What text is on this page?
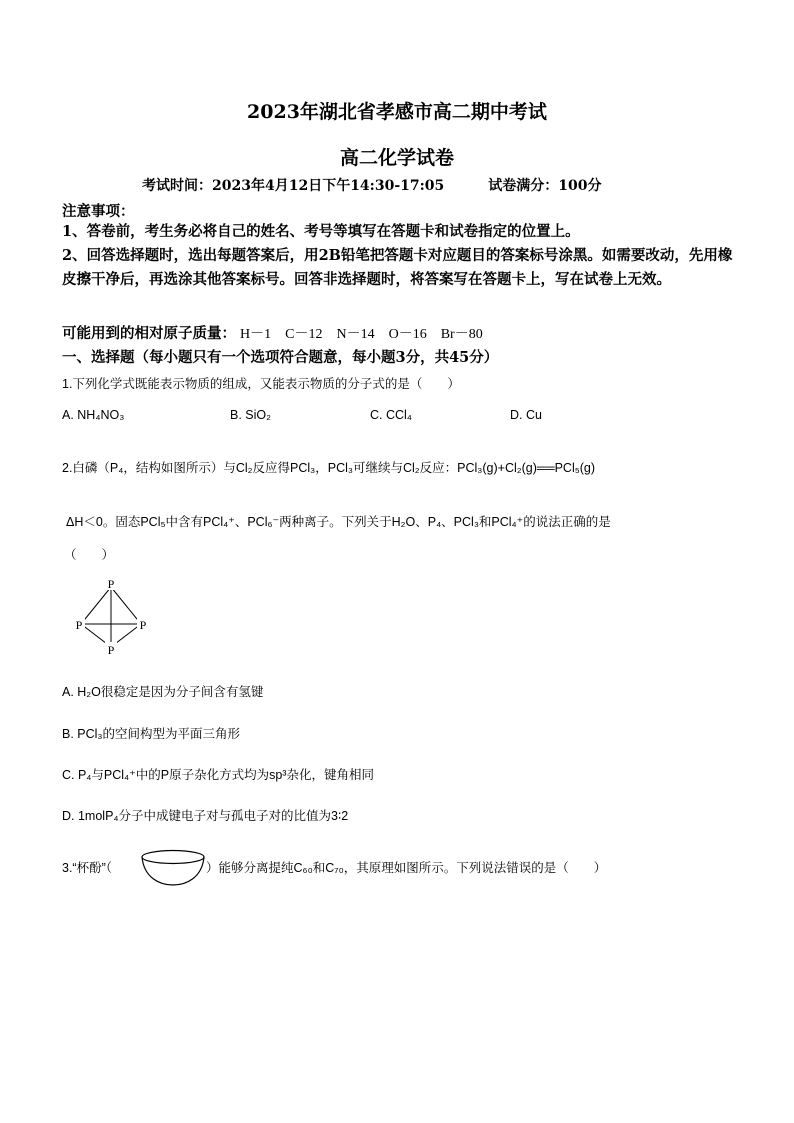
2023年湖北省孝感市高二期中考试
高二化学试卷
考试时间：2023年4月12日下午14:30-17:05	试卷满分：100分
注意事项：
1、答卷前，考生务必将自己的姓名、考号等填写在答题卡和试卷指定的位置上。
2、回答选择题时，选出每题答案后，用2B铅笔把答题卡对应题目的答案标号涂黑。如需要改动，先用橡皮擦干净后，再选涂其他答案标号。回答非选择题时，将答案写在答题卡上，写在试卷上无效。
可能用到的相对原子质量： H－1 C－12 N－14 O－16 Br－80
一、选择题（每小题只有一个选项符合题意，每小题3分，共45分）
1.下列化学式既能表示物质的组成，又能表示物质的分子式的是（　　）
A. NH₄NO₃	B. SiO₂	C. CCl₄	D. Cu
2.白磷（P₄，结构如图所示）与Cl₂反应得PCl₃，PCl₃可继续与Cl₂反应：PCl₃(g)+Cl₂(g)══PCl₅(g)
ΔH＜0。固态PCl₅中含有PCl₄⁺、PCl₆⁻两种离子。下列关于H₂O、P₄、PCl₃和PCl₄⁺的说法正确的是
（　　）
P
P	P
P
A. H₂O很稳定是因为分子间含有氢键
B. PCl₃的空间构型为平面三角形
C. P₄与PCl₄⁺中的P原子杂化方式均为sp³杂化，键角相同
D. 1molP₄分子中成键电子对与孤电子对的比值为3∶2
3.“杯酚”（	）能够分离提纯C₆₀和C₇₀，其原理如图所示。下列说法错误的是（　　）
